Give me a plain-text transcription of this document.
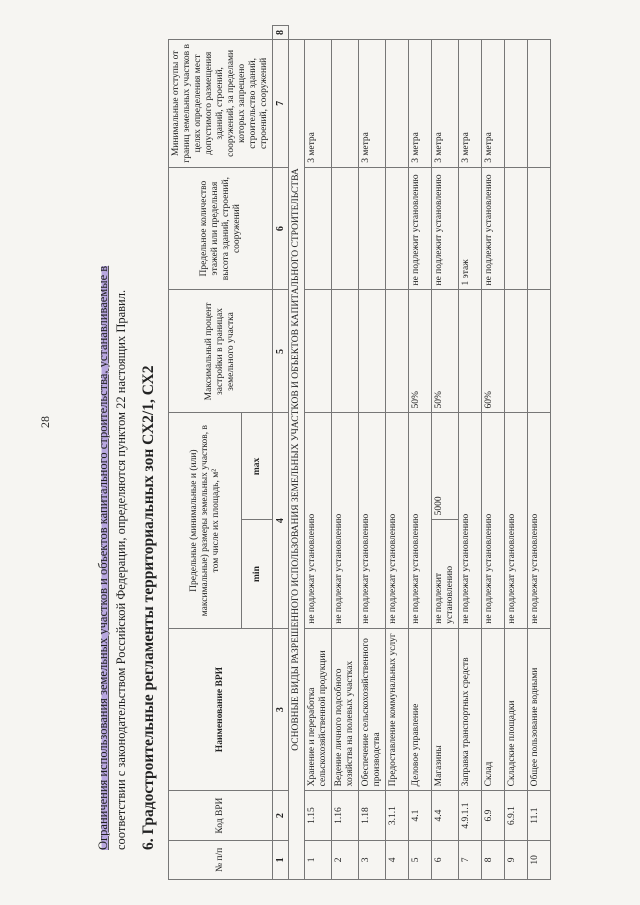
28	Ограничения использования земельных участков и объектов капитального строительства, устанавливаемые в соответствии с законодательством Российской Федерации, определяются пунктом 22 настоящих Правил. 6. Градостроительные регламенты территориальных зон СХ2/1, СХ2
№ п/п	Код ВРИ	Наименование ВРИ	Предельные (минимальные и (или) максимальные) размеры земельных участков, в том числе их площадь, м²		Максимальный процент застройки в границах земельного участка	Предельное количество этажей или предельная высота зданий, строений, сооружений	Минимальные отступы от границ земельных участков в целях определения мест допустимого размещения зданий, строений, сооружений, за пределами которых запрещено строительство зданий, строений, сооружений	
			min	max				
1	2	3	4		5	6	7	8
ОСНОВНЫЕ ВИДЫ РАЗРЕШЕННОГО ИСПОЛЬЗОВАНИЯ ЗЕМЕЛЬНЫХ УЧАСТКОВ И ОБЪЕКТОВ КАПИТАЛЬНОГО СТРОИТЕЛЬСТВА								
1	1.15	Хранение и переработка сельскохозяйственной продукции	не подлежат установлению				3 метра	
2	1.16	Ведение личного подсобного хозяйства на полевых участках	не подлежат установлению					
3	1.18	Обеспечение сельскохозяйственного производства	не подлежат установлению				3 метра	
4	3.1.1	Предоставление коммунальных услуг	не подлежат установлению					
5	4.1	Деловое управление	не подлежат установлению		50%	не подлежит установлению	3 метра	
6	4.4	Магазины	не подлежит установлению	5000	50%	не подлежит установлению	3 метра	
7	4.9.1.1	Заправка транспортных средств	не подлежат установлению			1 этаж	3 метра	
8	6.9	Склад	не подлежат установлению		60%	не подлежит установлению	3 метра	
9	6.9.1	Складские площадки	не подлежат установлению					
10	11.1	Общее пользование водными	не подлежат установлению					
